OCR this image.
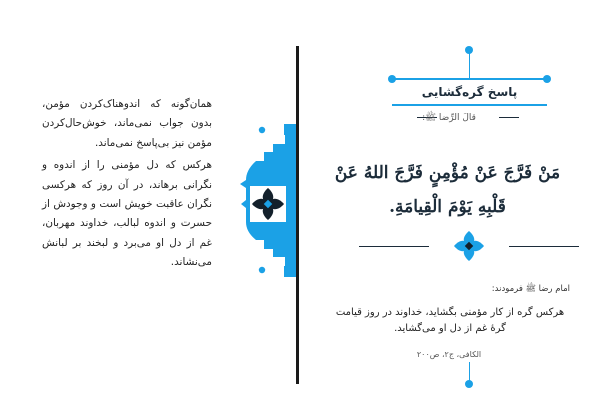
همان‌گونه که اندوهناک‌کردن مؤمن، بدون جواب نمی‌ماند، خوش‌حال‌کردن مؤمن نیز بی‌پاسخ نمی‌ماند.

هرکس که دل مؤمنی را از اندوه و نگرانی برهاند، در آن روز که هرکسی نگران عاقبت خویش است و وجودش از حسرت و اندوه لبالب، خداوند مهربان، غم از دل او می‌برد و لبخند بر لبانش می‌نشاند.

پاسخ گره‌گشایی
قالَ الرِّضا ﷺ:
مَنْ فَرَّجَ عَنْ مُؤْمِنٍ فَرَّجَ اللهُ عَنْ قَلْبِهِ يَوْمَ الْقِيامَةِ.
امام رضا ﷺ فرمودند:
هرکس گره از کار مؤمنی بگشاید، خداوند در روز قیامت گرهٔ غم از دل او می‌گشاید.
الکافی، ج۲، ص۲۰۰
